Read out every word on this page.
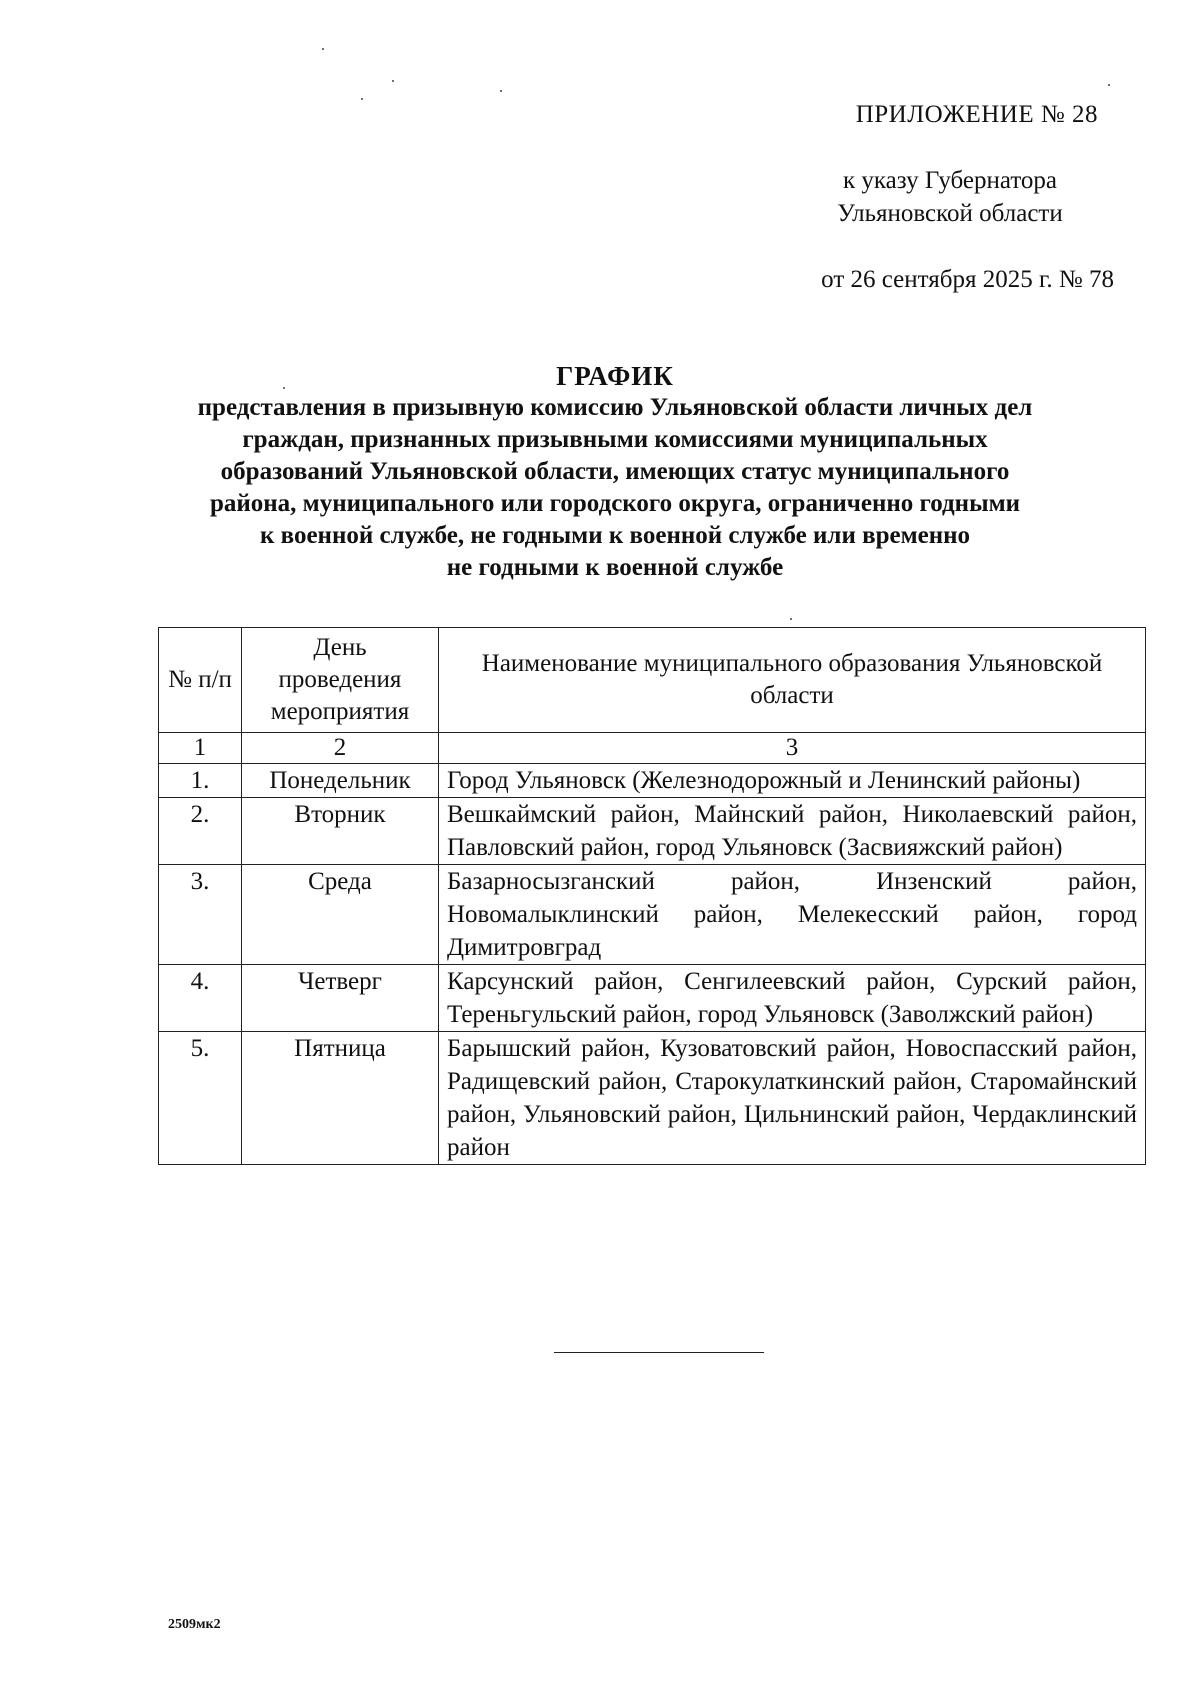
ПРИЛОЖЕНИЕ № 28
к указу Губернатора
Ульяновской области
от 26 сентября 2025 г. № 78
ГРАФИК
представления в призывную комиссию Ульяновской области личных дел
граждан, признанных призывными комиссиями муниципальных
образований Ульяновской области, имеющих статус муниципального
района, муниципального или городского округа, ограниченно годными
к военной службе, не годными к военной службе или временно
не годными к военной службе
№ п/п	День проведения мероприятия	Наименование муниципального образования Ульяновской области
1	2	3
1.	Понедельник	Город Ульяновск (Железнодорожный и Ленинский районы)
2.	Вторник	Вешкаймский район, Майнский район, Николаевский район, Павловский район, город Ульяновск (Засвияжский район)
3.	Среда	Базарносызганский район, Инзенский район, Новомалыклинский район, Мелекесский район, город Димитровград
4.	Четверг	Карсунский район, Сенгилеевский район, Сурский район, Тереньгульский район, город Ульяновск (Заволжский район)
5.	Пятница	Барышский район, Кузоватовский район, Новоспасский район, Радищевский район, Старокулаткинский район, Старомайнский район, Ульяновский район, Цильнинский район, Чердаклинский район
2509мк2
